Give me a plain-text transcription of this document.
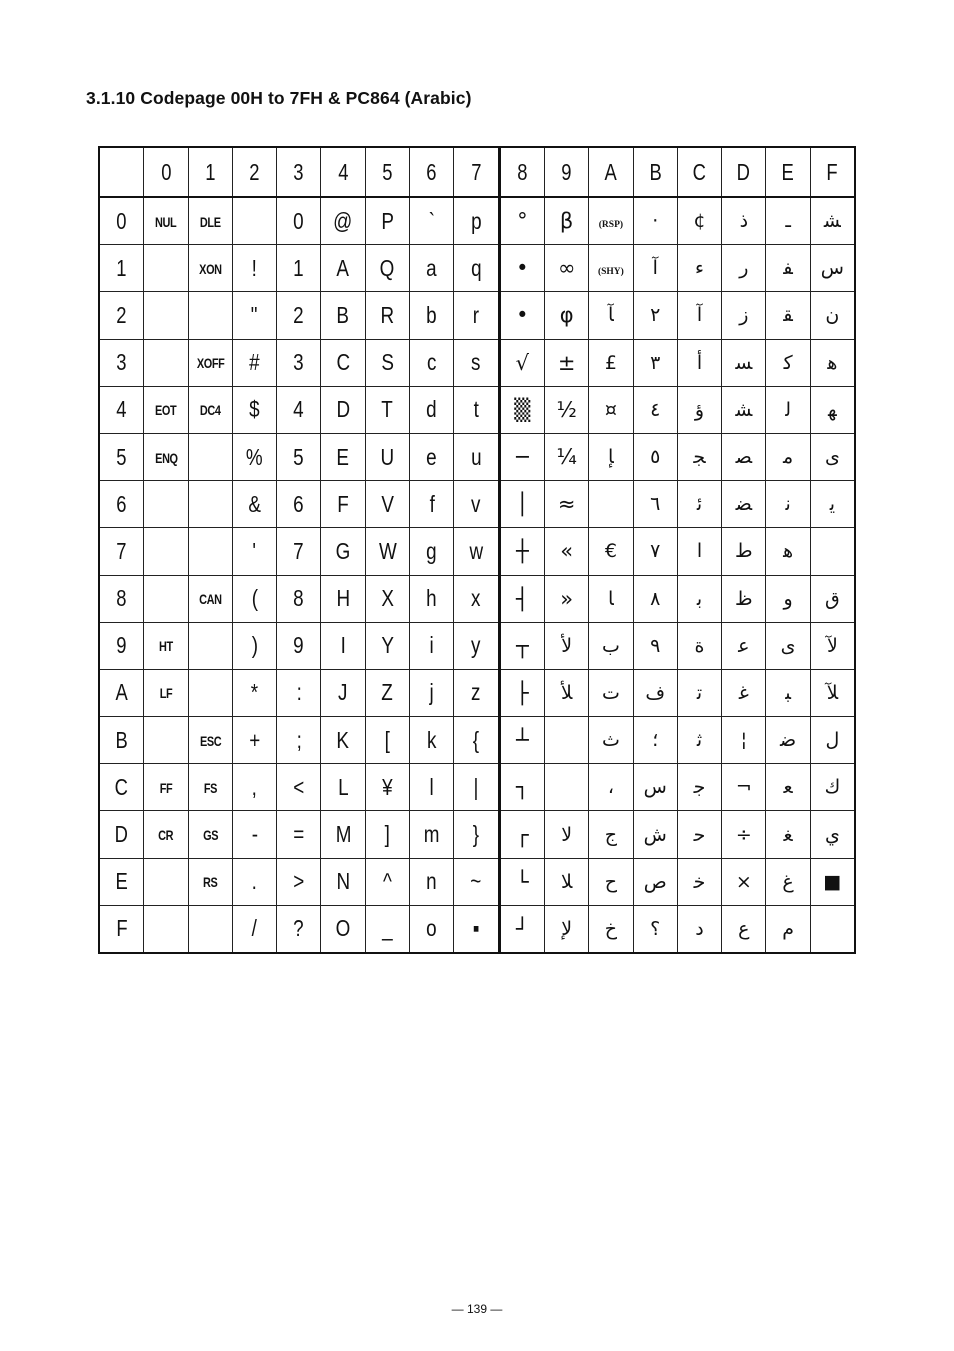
3.1.10 Codepage 00H to 7FH & PC864 (Arabic)
	0	1	2	3	4	5	6	7	8	9	A	B	C	D	E	F
0	NUL	DLE		0	@	P	`	p	°	β	(RSP)	·	¢	ﺫ	ـ	ﺸ
1		XON	!	1	A	Q	a	q	•	∞	(SHY)	ﺁ	ﺀ	ﺭ	ﻔ	ﺱ
2			"	2	B	R	b	r	•	φ	ﺂ	٢	آ	ﺯ	ﻘ	ﻥ
3		XOFF	#	3	C	S	c	s	√	±	£	٣	أ	ﺴ	ﻛ	ﻫ
4	EOT	DC4	$	4	D	T	d	t	▒	½	¤	٤	ؤ	ﺸ	ﻟ	ﻬ
5	ENQ		%	5	E	U	e	u	─	¼	ﺈ	٥	ﺠ	ﺼ	ﻣ	ﻯ
6			&	6	F	V	f	v	│	≈		٦	ﺋ	ﻀ	ﻧ	ﻳ
7			'	7	G	W	g	w	┼	«	€	٧	ا	ﻁ	ﻫ	
8		CAN	(	8	H	X	h	x	┤	»	ﺎ	٨	ﺑ	ﻅ	ﻭ	ﻕ
9	HT		)	9	I	Y	i	y	┬	ﻷ	ﺏ	٩	ﺓ	ﻋ	ﻯ	ﻵ
A	LF		*	:	J	Z	j	z	├	ﻸ	ﺕ	ﻑ	ﺗ	ﻏ	ﺒ	ﻶ
B		ESC	+	;	K	[	k	{	┴		ﺙ	؛	ﺛ	¦	ﺿ	ﻝ
C	FF	FS	,	<	L	¥	l	|	┐		،	ﺱ	ﺟ	¬	ﻌ	ﻙ
D	CR	GS	-	=	M	]	m	}	┌	ﻻ	ﺝ	ﺵ	ﺣ	÷	ﻐ	ﻱ
E		RS	.	>	N	^	n	~	└	ﻼ	ﺡ	ﺹ	ﺧ	×	ﻍ	■
F			/	?	O	_	o	▪	┘	ﻹ	ﺥ	؟	ﺩ	ﻉ	ﻡ	
— 139 —
